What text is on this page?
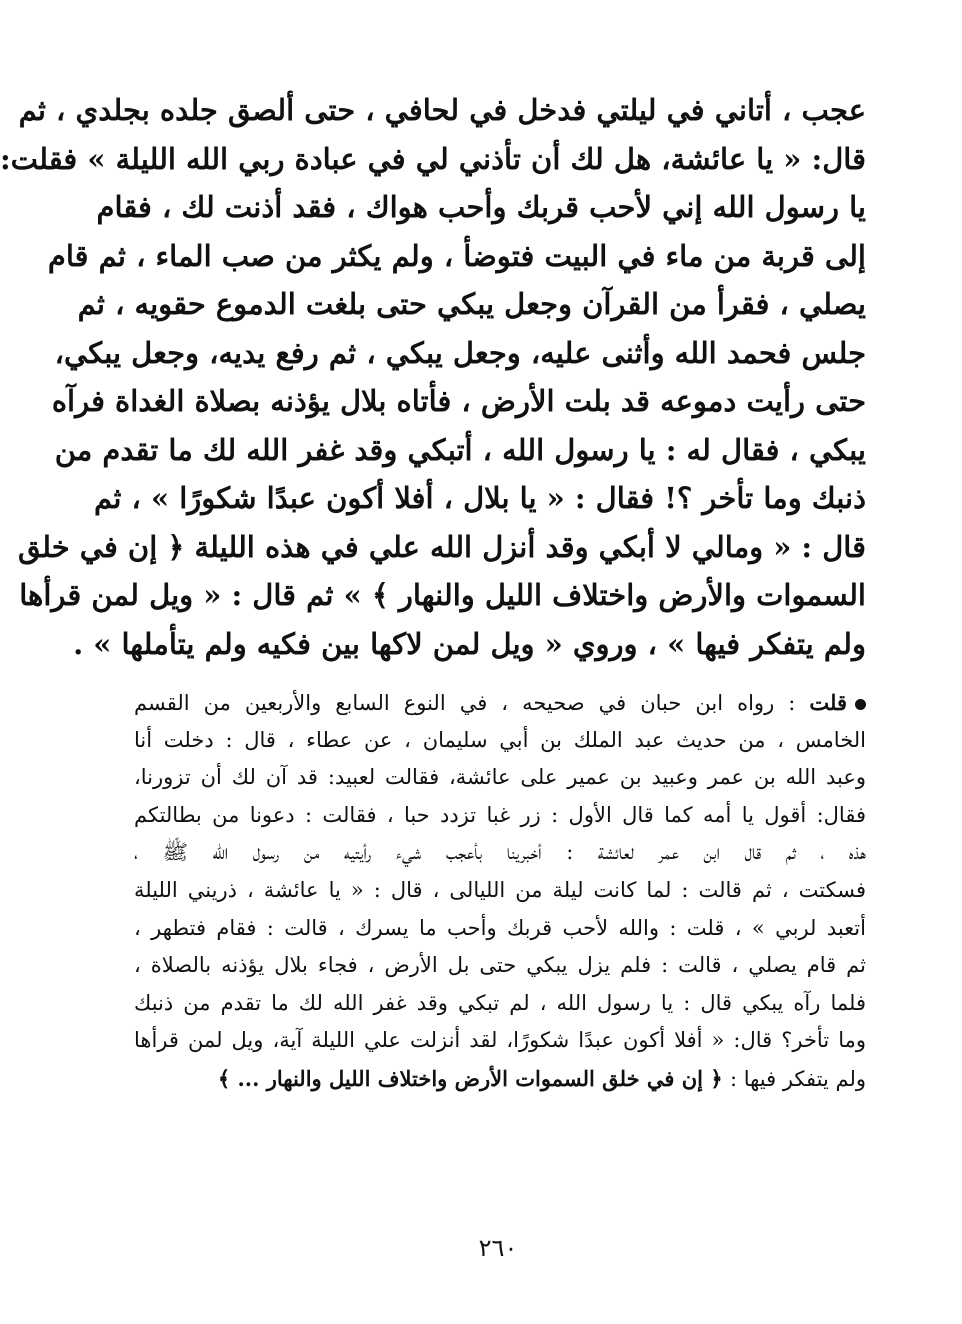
عجب ، أتاني في ليلتي فدخل في لحافي ، حتى ألصق جلده بجلدي ، ثم
قال: « يا عائشة، هل لك أن تأذني لي في عبادة ربي الله الليلة » فقلت:
يا رسول الله إني لأحب قربك وأحب هواك ، فقد أذنت لك ، فقام
إلى قربة من ماء في البيت فتوضأ ، ولم يكثر من صب الماء ، ثم قام
يصلي ، فقرأ من القرآن وجعل يبكي حتى بلغت الدموع حقويه ، ثم
جلس فحمد الله وأثنى عليه، وجعل يبكي ، ثم رفع يديه، وجعل يبكي،
حتى رأيت دموعه قد بلت الأرض ، فأتاه بلال يؤذنه بصلاة الغداة فرآه
يبكي ، فقال له : يا رسول الله ، أتبكي وقد غفر الله لك ما تقدم من
ذنبك وما تأخر ؟! فقال : « يا بلال ، أفلا أكون عبدًا شكورًا » ، ثم
قال : « ومالي لا أبكي وقد أنزل الله علي في هذه الليلة ﴿ إن في خلق
السموات والأرض واختلاف الليل والنهار ﴾ » ثم قال : « ويل لمن قرأها
ولم يتفكر فيها » ، وروي « ويل لمن لاكها بين فكيه ولم يتأملها » .
قلت : رواه ابن حبان في صحيحه ، في النوع السابع والأربعين من القسم
الخامس ، من حديث عبد الملك بن أبي سليمان ، عن عطاء ، قال : دخلت أنا
وعبد الله بن عمر وعبيد بن عمير على عائشة، فقالت لعبيد: قد آن لك أن تزورنا،
فقال: أقول يا أمه كما قال الأول : زر غبا تزدد حبا ، فقالت : دعونا من بطالتكم
هذه ، ثم قال ابن عمر لعائشة : أخبرينا بأعجب شيء رأيتيه من رسول الله ﷺ ،
فسكتت ، ثم قالت : لما كانت ليلة من الليالى ، قال : « يا عائشة ، ذريني الليلة
أتعبد لربي » ، قلت : والله لأحب قربك وأحب ما يسرك ، قالت : فقام فتطهر ،
ثم قام يصلي ، قالت : فلم يزل يبكي حتى بل الأرض ، فجاء بلال يؤذنه بالصلاة ،
فلما رآه يبكي قال : يا رسول الله ، لم تبكي وقد غفر الله لك ما تقدم من ذنبك
وما تأخر؟ قال: « أفلا أكون عبدًا شكورًا، لقد أنزلت علي الليلة آية، ويل لمن قرأها
ولم يتفكر فيها : ﴿ إن في خلق السموات الأرض واختلاف الليل والنهار ... ﴾
٢٦٠
